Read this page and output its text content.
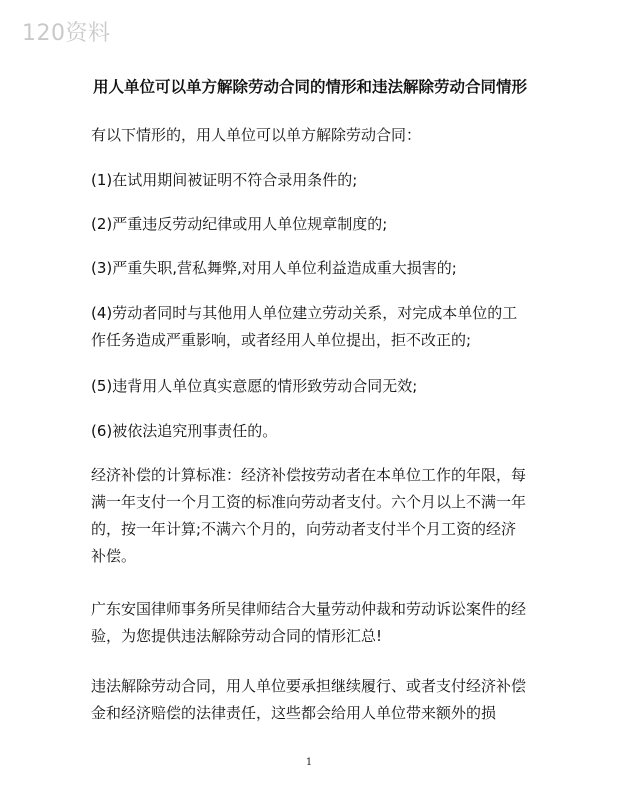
120资料
用人单位可以单方解除劳动合同的情形和违法解除劳动合同情形

有以下情形的，用人单位可以单方解除劳动合同：

(1)在试用期间被证明不符合录用条件的;

(2)严重违反劳动纪律或用人单位规章制度的;

(3)严重失职,营私舞弊,对用人单位利益造成重大损害的;

(4)劳动者同时与其他用人单位建立劳动关系，对完成本单位的工作任务造成严重影响，或者经用人单位提出，拒不改正的;

(5)违背用人单位真实意愿的情形致劳动合同无效;

(6)被依法追究刑事责任的。

经济补偿的计算标准：经济补偿按劳动者在本单位工作的年限，每满一年支付一个月工资的标准向劳动者支付。六个月以上不满一年的，按一年计算;不满六个月的，向劳动者支付半个月工资的经济补偿。

广东安国律师事务所吴律师结合大量劳动仲裁和劳动诉讼案件的经验，为您提供违法解除劳动合同的情形汇总!

违法解除劳动合同，用人单位要承担继续履行、或者支付经济补偿金和经济赔偿的法律责任，这些都会给用人单位带来额外的损

1
